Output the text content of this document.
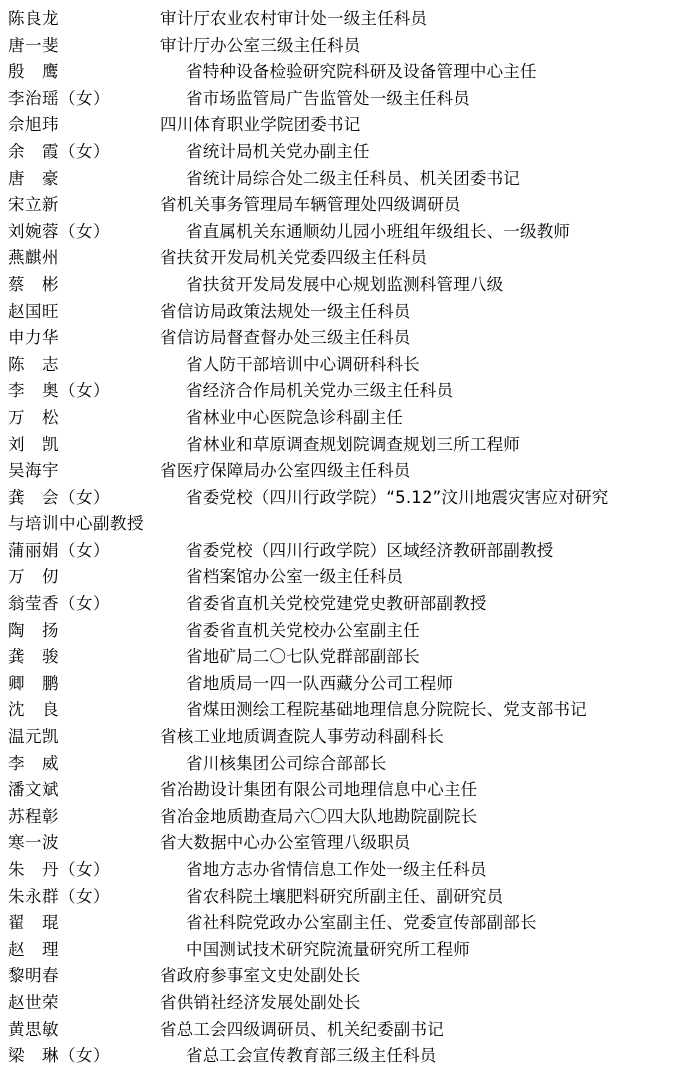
陈良龙	审计厅农业农村审计处一级主任科员
唐一斐	审计厅办公室三级主任科员
殷　鹰	省特种设备检验研究院科研及设备管理中心主任
李治瑶（女）	省市场监管局广告监管处一级主任科员
佘旭玮	四川体育职业学院团委书记
余　霞（女）	省统计局机关党办副主任
唐　豪	省统计局综合处二级主任科员、机关团委书记
宋立新	省机关事务管理局车辆管理处四级调研员
刘婉蓉（女）	省直属机关东通顺幼儿园小班组年级组长、一级教师
燕麒州	省扶贫开发局机关党委四级主任科员
蔡　彬	省扶贫开发局发展中心规划监测科管理八级
赵国旺	省信访局政策法规处一级主任科员
申力华	省信访局督查督办处三级主任科员
陈　志	省人防干部培训中心调研科科长
李　奥（女）	省经济合作局机关党办三级主任科员
万　松	省林业中心医院急诊科副主任
刘　凯	省林业和草原调查规划院调查规划三所工程师
吴海宇	省医疗保障局办公室四级主任科员
龚　会（女）	省委党校（四川行政学院）“5.12”汶川地震灾害应对研究
与培训中心副教授
蒲丽娟（女）	省委党校（四川行政学院）区域经济教研部副教授
万　仞	省档案馆办公室一级主任科员
翁莹香（女）	省委省直机关党校党建党史教研部副教授
陶　扬	省委省直机关党校办公室副主任
龚　骏	省地矿局二〇七队党群部副部长
卿　鹏	省地质局一四一队西藏分公司工程师
沈　良	省煤田测绘工程院基础地理信息分院院长、党支部书记
温元凯	省核工业地质调查院人事劳动科副科长
李　威	省川核集团公司综合部部长
潘文斌	省冶勘设计集团有限公司地理信息中心主任
苏程彰	省冶金地质勘查局六〇四大队地勘院副院长
寒一波	省大数据中心办公室管理八级职员
朱　丹（女）	省地方志办省情信息工作处一级主任科员
朱永群（女）	省农科院土壤肥料研究所副主任、副研究员
翟　琨	省社科院党政办公室副主任、党委宣传部副部长
赵　理	中国测试技术研究院流量研究所工程师
黎明春	省政府参事室文史处副处长
赵世荣	省供销社经济发展处副处长
黄思敏	省总工会四级调研员、机关纪委副书记
梁　琳（女）	省总工会宣传教育部三级主任科员
